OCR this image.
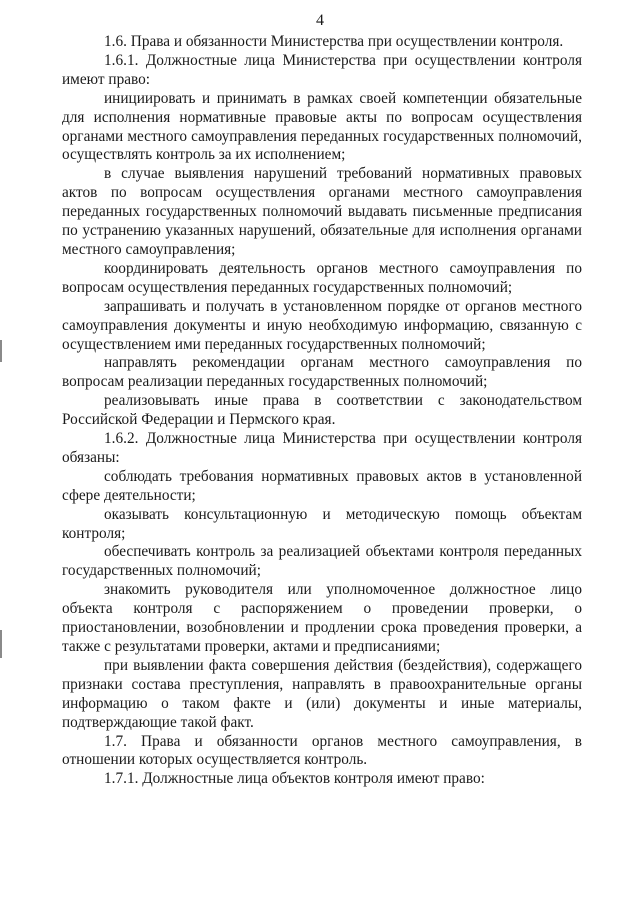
4

1.6. Права и обязанности Министерства при осуществлении контроля.

1.6.1. Должностные лица Министерства при осуществлении контроля имеют право:

инициировать и принимать в рамках своей компетенции обязательные для исполнения нормативные правовые акты по вопросам осуществления органами местного самоуправления переданных государственных полномочий, осуществлять контроль за их исполнением;

в случае выявления нарушений требований нормативных правовых актов по вопросам осуществления органами местного самоуправления переданных государственных полномочий выдавать письменные предписания по устранению указанных нарушений, обязательные для исполнения органами местного самоуправления;

координировать деятельность органов местного самоуправления по вопросам осуществления переданных государственных полномочий;

запрашивать и получать в установленном порядке от органов местного самоуправления документы и иную необходимую информацию, связанную с осуществлением ими переданных государственных полномочий;

направлять рекомендации органам местного самоуправления по вопросам реализации переданных государственных полномочий;

реализовывать иные права в соответствии с законодательством Российской Федерации и Пермского края.

1.6.2. Должностные лица Министерства при осуществлении контроля обязаны:

соблюдать требования нормативных правовых актов в установленной сфере деятельности;

оказывать консультационную и методическую помощь объектам контроля;

обеспечивать контроль за реализацией объектами контроля переданных государственных полномочий;

знакомить руководителя или уполномоченное должностное лицо объекта контроля с распоряжением о проведении проверки, о приостановлении, возобновлении и продлении срока проведения проверки, а также с результатами проверки, актами и предписаниями;

при выявлении факта совершения действия (бездействия), содержащего признаки состава преступления, направлять в правоохранительные органы информацию о таком факте и (или) документы и иные материалы, подтверждающие такой факт.

1.7. Права и обязанности органов местного самоуправления, в отношении которых осуществляется контроль.

1.7.1. Должностные лица объектов контроля имеют право:
